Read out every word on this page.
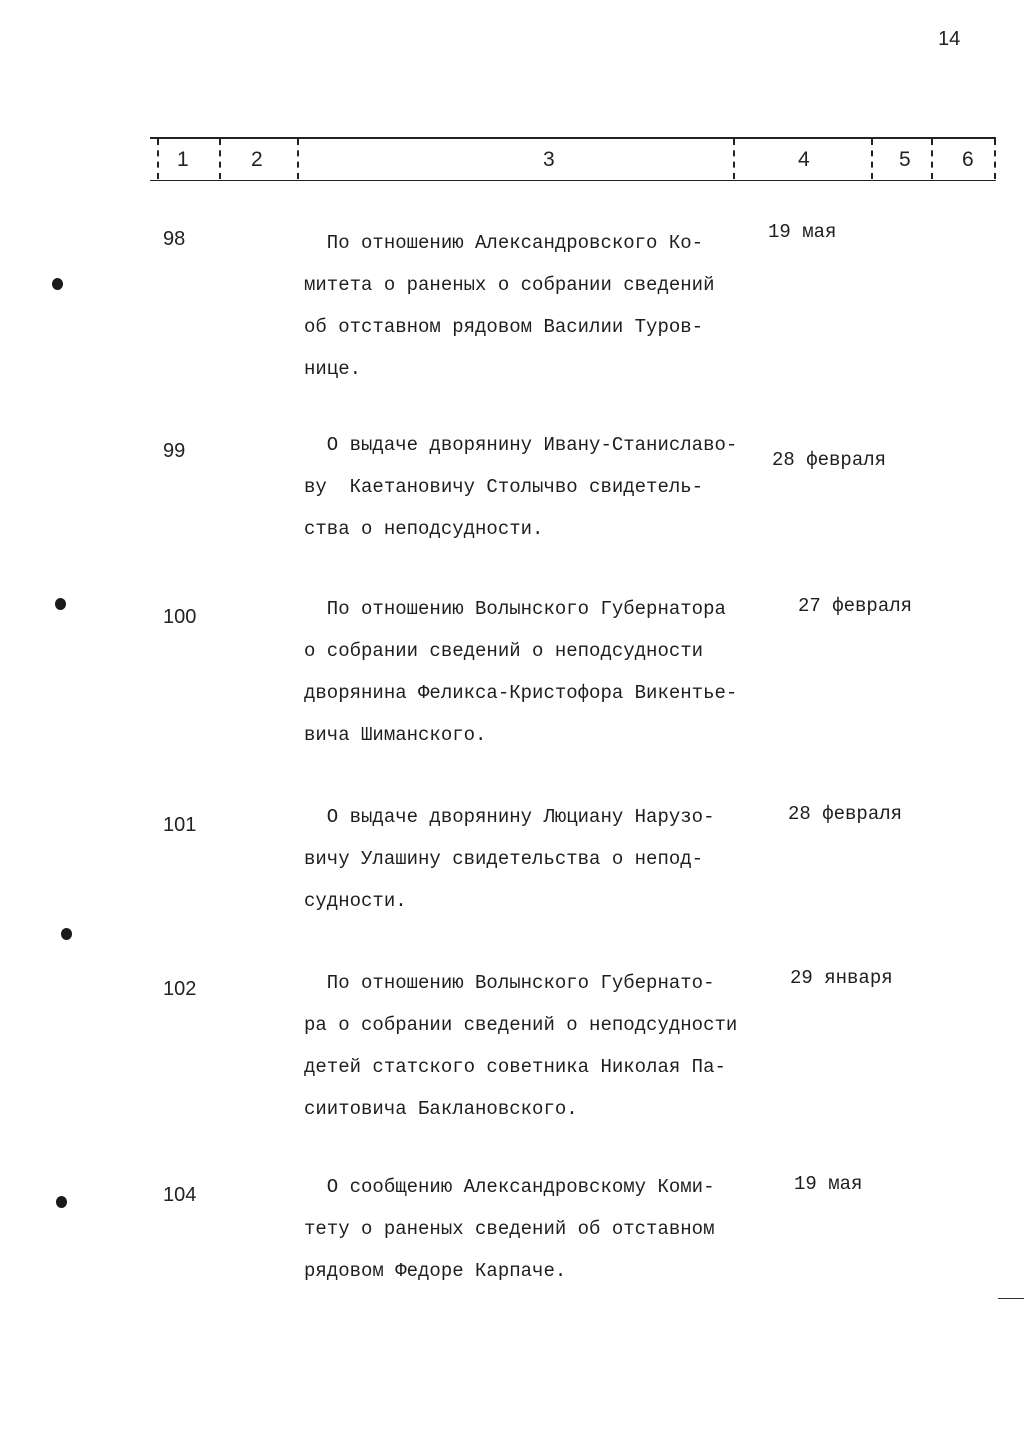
14
1	2	3	4	5 6
98	По отношению Александровского Ко-
митета о раненых о собрании сведений
об отставном рядовом Василии Туров-
нице.
19 мая
99	О выдаче дворянину Ивану-Станиславо-
ву  Каетановичу Столычво свидетель-
ства о неподсудности.
28 февраля
100	По отношению Волынского Губернатора
о собрании сведений о неподсудности
дворянина Феликса-Кристофора Викентье-
вича Шиманского.
27 февраля
101	О выдаче дворянину Люциану Нарузо-
вичу Улашину свидетельства о непод-
судности.
28 февраля
102	По отношению Волынского Губернато-
ра о собрании сведений о неподсудности
детей статского советника Николая Па-
сиитовича Баклановского.
29 января
104	О сообщению Александровскому Коми-
тету о раненых сведений об отставном
рядовом Федоре Карпаче.
19 мая
